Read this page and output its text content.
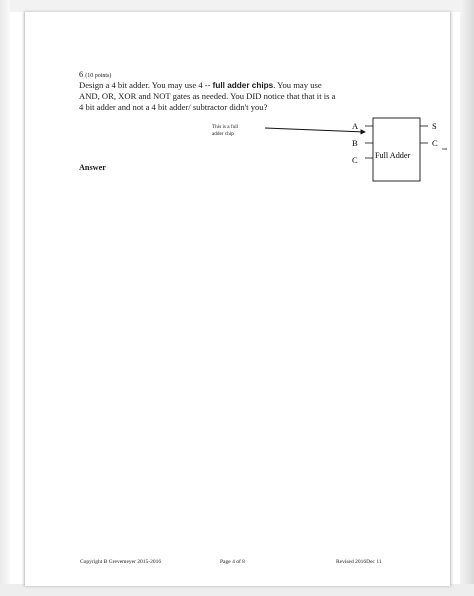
6 (10 points)
Design a 4 bit adder. You may use 4 -- full adder chips. You may use
AND, OR, XOR and NOT gates as needed. You DID notice that that it is a
4 bit adder and not a 4 bit adder/ subtractor didn't you?
This is a full
adder chip
A
B
C
S
C
out
Full Adder
Answer
Copyright B Grevemeyer 2015-2016	Page 4 of 8	Revised 2016Dec 11
